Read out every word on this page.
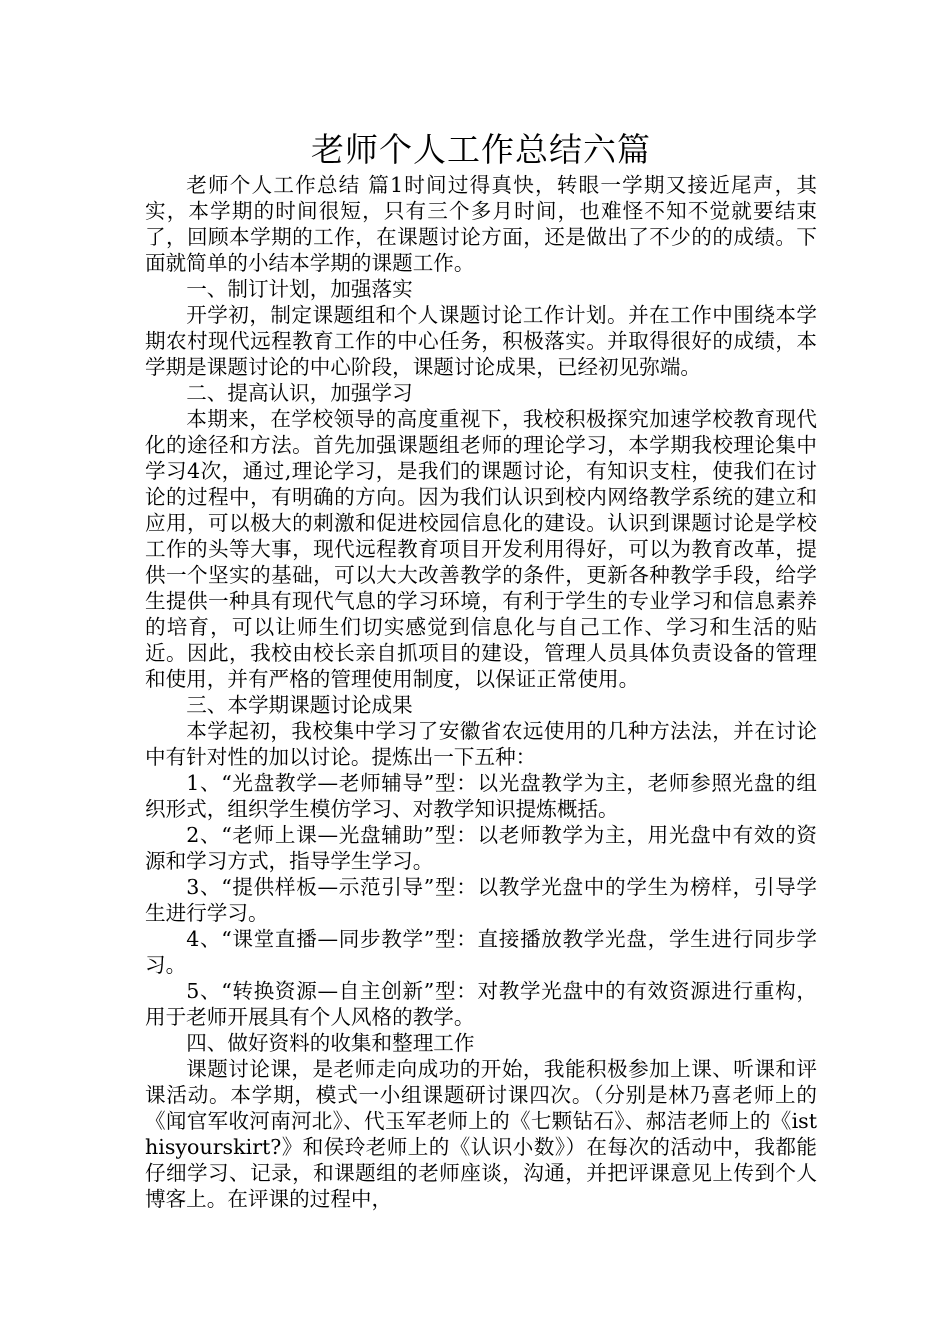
老师个人工作总结六篇

老师个人工作总结 篇1时间过得真快，转眼一学期又接近尾声，其实，本学期的时间很短，只有三个多月时间，也难怪不知不觉就要结束了，回顾本学期的工作，在课题讨论方面，还是做出了不少的的成绩。下面就简单的小结本学期的课题工作。

一、制订计划，加强落实

开学初，制定课题组和个人课题讨论工作计划。并在工作中围绕本学期农村现代远程教育工作的中心任务，积极落实。并取得很好的成绩，本学期是课题讨论的中心阶段，课题讨论成果，已经初见弥端。

二、提高认识，加强学习

本期来，在学校领导的高度重视下，我校积极探究加速学校教育现代化的途径和方法。首先加强课题组老师的理论学习，本学期我校理论集中学习4次，通过,理论学习，是我们的课题讨论，有知识支柱，使我们在讨论的过程中，有明确的方向。因为我们认识到校内网络教学系统的建立和应用，可以极大的刺激和促进校园信息化的建设。认识到课题讨论是学校工作的头等大事，现代远程教育项目开发利用得好，可以为教育改革，提供一个坚实的基础，可以大大改善教学的条件，更新各种教学手段，给学生提供一种具有现代气息的学习环境，有利于学生的专业学习和信息素养的培育，可以让师生们切实感觉到信息化与自己工作、学习和生活的贴近。因此，我校由校长亲自抓项目的建设，管理人员具体负责设备的管理和使用，并有严格的管理使用制度，以保证正常使用。

三、本学期课题讨论成果

本学起初，我校集中学习了安徽省农远使用的几种方法法，并在讨论中有针对性的加以讨论。提炼出一下五种：

1、“光盘教学—老师辅导”型：以光盘教学为主，老师参照光盘的组织形式，组织学生模仿学习、对教学知识提炼概括。

2、“老师上课—光盘辅助”型：以老师教学为主，用光盘中有效的资源和学习方式，指导学生学习。

3、“提供样板—示范引导”型：以教学光盘中的学生为榜样，引导学生进行学习。

4、“课堂直播—同步教学”型：直接播放教学光盘，学生进行同步学习。

5、“转换资源—自主创新”型：对教学光盘中的有效资源进行重构，用于老师开展具有个人风格的教学。

四、做好资料的收集和整理工作

课题讨论课，是老师走向成功的开始，我能积极参加上课、听课和评课活动。本学期，模式一小组课题研讨课四次。（分别是林乃喜老师上的《闻官军收河南河北》、代玉军老师上的《七颗钻石》、郝洁老师上的《isthisyourskirt?》和侯玲老师上的《认识小数》）在每次的活动中，我都能仔细学习、记录，和课题组的老师座谈，沟通，并把评课意见上传到个人博客上。在评课的过程中，
